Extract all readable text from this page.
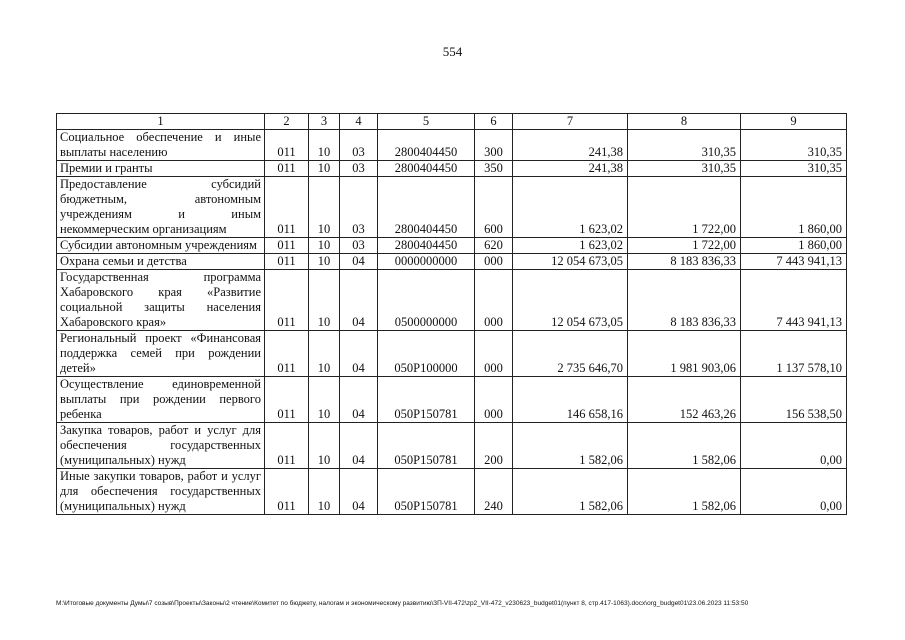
554
1	2	3	4	5	6	7	8	9
Социальное обеспечение и иные выплаты населению	011	10	03	2800404450	300	241,38	310,35	310,35
Премии и гранты	011	10	03	2800404450	350	241,38	310,35	310,35
Предоставление субсидий бюджетным, автономным учреждениям и иным некоммерческим организациям	011	10	03	2800404450	600	1 623,02	1 722,00	1 860,00
Субсидии автономным учреждениям	011	10	03	2800404450	620	1 623,02	1 722,00	1 860,00
Охрана семьи и детства	011	10	04	0000000000	000	12 054 673,05	8 183 836,33	7 443 941,13
Государственная программа Хабаровского края «Развитие социальной защиты населения Хабаровского края»	011	10	04	0500000000	000	12 054 673,05	8 183 836,33	7 443 941,13
Региональный проект «Финансовая поддержка семей при рождении детей»	011	10	04	050P100000	000	2 735 646,70	1 981 903,06	1 137 578,10
Осуществление единовременной выплаты при рождении первого ребенка	011	10	04	050P150781	000	146 658,16	152 463,26	156 538,50
Закупка товаров, работ и услуг для обеспечения государственных (муниципальных) нужд	011	10	04	050P150781	200	1 582,06	1 582,06	0,00
Иные закупки товаров, работ и услуг для обеспечения государственных (муниципальных) нужд	011	10	04	050P150781	240	1 582,06	1 582,06	0,00
M:\Итоговые документы Думы\7 созыв\Проекты\Законы\2 чтение\Комитет по бюджету, налогам и экономическому развитию\ЗП-VII-472\zp2_VII-472_v230623_budget01(пункт 8, стр.417-1063).docx\org_budget01\23.06.2023 11:53:50
